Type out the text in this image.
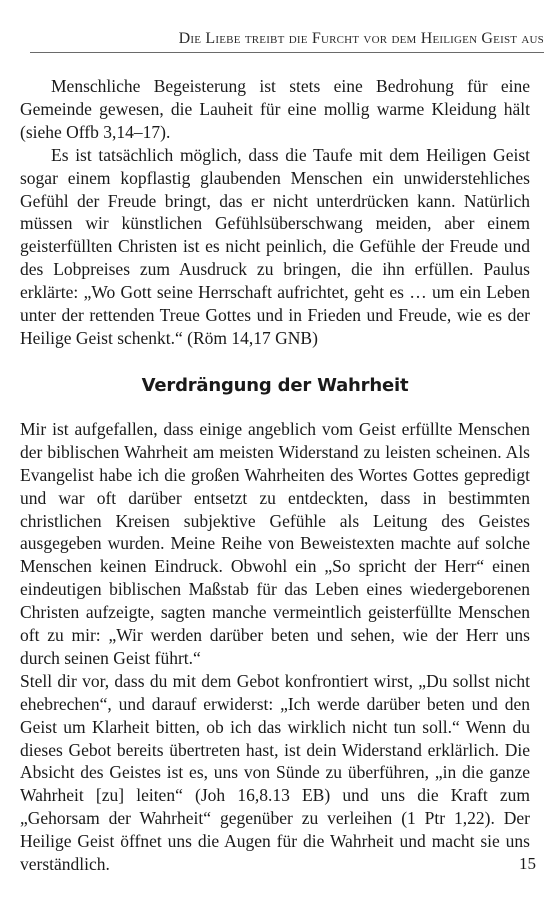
Die Liebe treibt die Furcht vor dem Heiligen Geist aus

Menschliche Begeisterung ist stets eine Bedrohung für eine Gemeinde gewesen, die Lauheit für eine mollig warme Kleidung hält (siehe Offb 3,14–17).

Es ist tatsächlich möglich, dass die Taufe mit dem Heiligen Geist sogar einem kopflastig glaubenden Menschen ein unwiderstehliches Gefühl der Freude bringt, das er nicht unterdrücken kann. Natürlich müssen wir künstlichen Gefühlsüberschwang meiden, aber einem geisterfüllten Christen ist es nicht peinlich, die Gefühle der Freude und des Lobpreises zum Ausdruck zu bringen, die ihn erfüllen. Paulus erklärte: „Wo Gott seine Herrschaft aufrichtet, geht es … um ein Leben unter der rettenden Treue Gottes und in Frieden und Freude, wie es der Heilige Geist schenkt.“ (Röm 14,17 GNB)

Verdrängung der Wahrheit

Mir ist aufgefallen, dass einige angeblich vom Geist erfüllte Menschen der biblischen Wahrheit am meisten Widerstand zu leisten scheinen. Als Evangelist habe ich die großen Wahrheiten des Wortes Gottes gepredigt und war oft darüber entsetzt zu entdeckten, dass in bestimmten christlichen Kreisen subjektive Gefühle als Leitung des Geistes ausgegeben wurden. Meine Reihe von Beweistexten machte auf solche Menschen keinen Eindruck. Obwohl ein „So spricht der Herr“ einen eindeutigen biblischen Maßstab für das Leben eines wiedergeborenen Christen aufzeigte, sagten manche vermeintlich geisterfüllte Menschen oft zu mir: „Wir werden darüber beten und sehen, wie der Herr uns durch seinen Geist führt.“

Stell dir vor, dass du mit dem Gebot konfrontiert wirst, „Du sollst nicht ehebrechen“, und darauf erwiderst: „Ich werde darüber beten und den Geist um Klarheit bitten, ob ich das wirklich nicht tun soll.“ Wenn du dieses Gebot bereits übertreten hast, ist dein Widerstand erklärlich. Die Absicht des Geistes ist es, uns von Sünde zu überführen, „in die ganze Wahrheit [zu] leiten“ (Joh 16,8.13 EB) und uns die Kraft zum „Gehorsam der Wahrheit“ gegenüber zu verleihen (1 Ptr 1,22). Der Heilige Geist öffnet uns die Augen für die Wahrheit und macht sie uns verständlich.	15
